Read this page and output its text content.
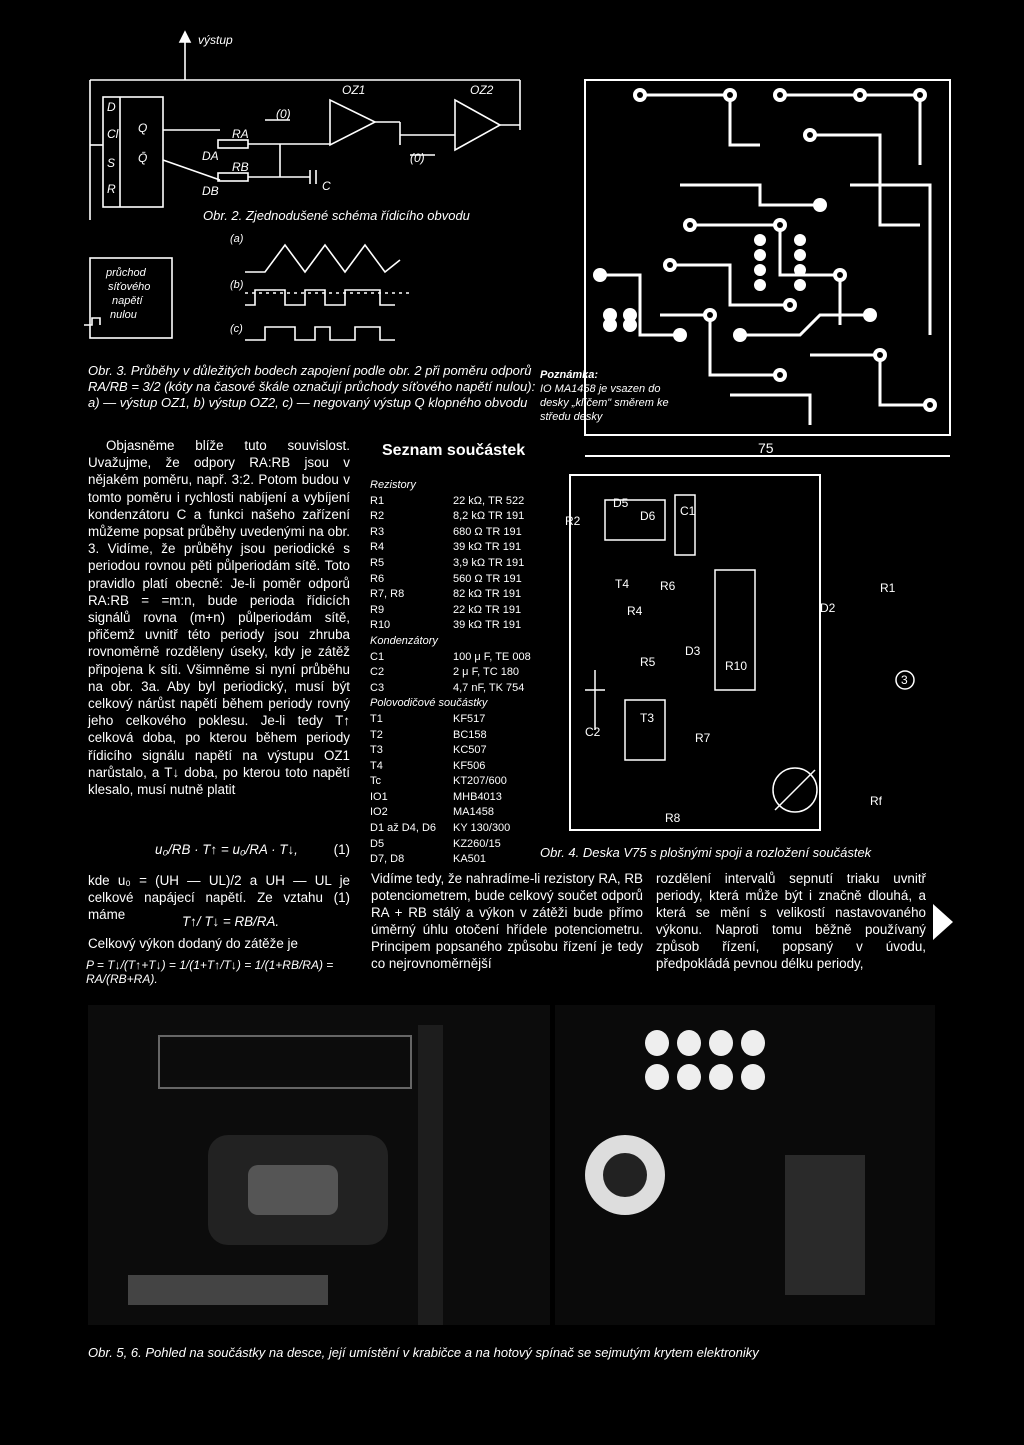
výstup
D
Cl
S
R
Q
Q̄
OZ1	OZ2
(0)
(0)
RA
RB
DA
DB	C
Obr. 2. Zjednodušené schéma řídicího obvodu
průchod
síťového
napětí
nulou
(a)
(b)
(c)
Obr. 3. Průběhy v důležitých bodech zapojení podle obr. 2 při poměru odporů RA/RB = 3/2 (kóty na časové škále označují průchody síťového napětí nulou): a) — výstup OZ1, b) výstup OZ2, c) — negovaný výstup Q klopného obvodu
Poznámka:
IO MA1458 je vsazen do desky „klíčem" směrem ke středu desky
75
R2
D5
D6 C1
T4	R6	R1
R4	D2
D3
R5	R10
3
C2
T3
R7
R8
Rf

Objasněme blíže tuto souvislost. Uvažujme, že odpory RA:RB jsou v nějakém poměru, např. 3:2. Potom budou v tomto poměru i rychlosti nabíjení a vybíjení kondenzátoru C a funkci našeho zařízení můžeme popsat průběhy uvedenými na obr. 3. Vidíme, že průběhy jsou periodické s periodou rovnou pěti půlperiodám sítě. Toto pravidlo platí obecně: Je-li poměr odporů RA:RB = =m:n, bude perioda řídicích signálů rovna (m+n) půlperiodám sítě, přičemž uvnitř této periody jsou zhruba rovnoměrně rozděleny úseky, kdy je zátěž připojena k síti. Všimněme si nyní průběhu na obr. 3a. Aby byl periodický, musí být celkový nárůst napětí během periody rovný jeho celkového poklesu. Je-li tedy T↑ celková doba, po kterou během periody řídicího signálu napětí na výstupu OZ1 narůstalo, a T↓ doba, po kterou toto napětí klesalo, musí nutně platit

u₀/RB · T↑ = u₀/RA · T↓,	(1)
kde u₀ = (UH — UL)/2 a UH — UL je celkové napájecí napětí. Ze vztahu (1) máme	T↑/ T↓ = RB/RA.
Celkový výkon dodaný do zátěže je
P = T↓/(T↑+T↓) = 1/(1+T↑/T↓) = 1/(1+RB/RA) = RA/(RB+RA).
Seznam součástek
Rezistory
R1	22 kΩ, TR 522
R2	8,2 kΩ TR 191
R3	680 Ω TR 191
R4	39 kΩ TR 191
R5	3,9 kΩ TR 191
R6	560 Ω TR 191
R7, R8	82 kΩ TR 191
R9	22 kΩ TR 191
R10	39 kΩ TR 191
Kondenzátory
C1	100 μ F, TE 008
C2	2 μ F, TC 180
C3	4,7 nF, TK 754
Polovodičové součástky
T1	KF517
T2	BC158
T3	KC507
T4	KF506
Tc	KT207/600
IO1	MHB4013
IO2	MA1458
D1 až D4, D6	KY 130/300
D5	KZ260/15
D7, D8	KA501	Obr. 4. Deska V75 s plošnými spoji a rozložení součástek
Vidíme tedy, že nahradíme-li rezistory RA, RB potenciometrem, bude celkový součet odporů RA + RB stálý a výkon v zátěži bude přímo úměrný úhlu otočení hřídele potenciometru. Principem popsaného způsobu řízení je tedy co nejrovnoměrnější
rozdělení intervalů sepnutí triaku uvnitř periody, která může být i značně dlouhá, a která se mění s velikostí nastavovaného výkonu. Naproti tomu běžně používaný způsob řízení, popsaný v úvodu, předpokládá pevnou délku periody,
Obr. 5, 6. Pohled na součástky na desce, její umístění v krabičce a na hotový spínač se sejmutým krytem elektroniky
